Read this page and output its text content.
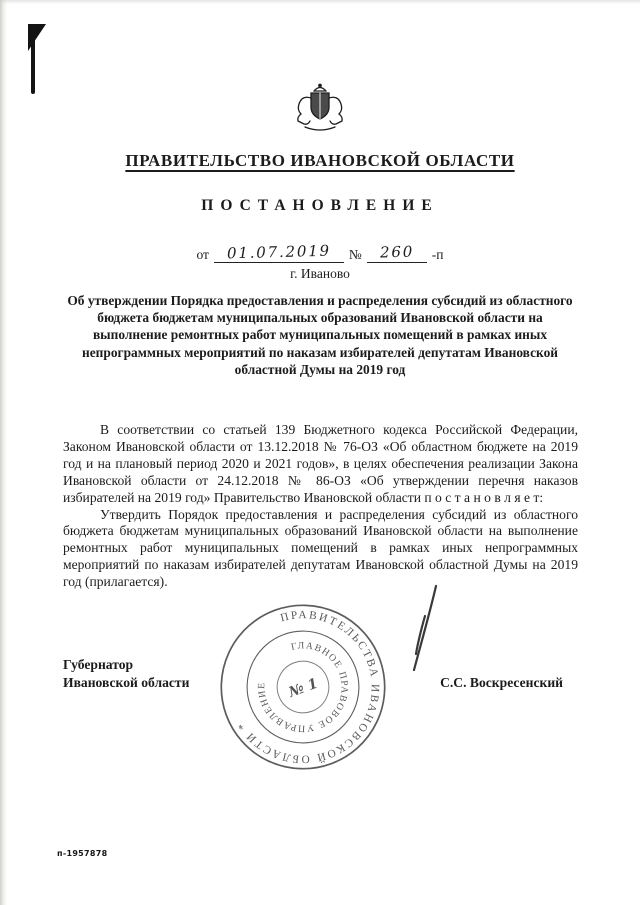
ПРАВИТЕЛЬСТВО ИВАНОВСКОЙ ОБЛАСТИ
ПОСТАНОВЛЕНИЕ
от 01.07.2019 № 260 -п
г. Иваново

Об утверждении Порядка предоставления и распределения субсидий из областного бюджета бюджетам муниципальных образований Ивановской области на выполнение ремонтных работ муниципальных помещений в рамках иных непрограммных мероприятий по наказам избирателей депутатам Ивановской областной Думы на 2019 год

В соответствии со статьей 139 Бюджетного кодекса Российской Федерации, Законом Ивановской области от 13.12.2018 № 76-ОЗ «Об областном бюджете на 2019 год и на плановый период 2020 и 2021 годов», в целях обеспечения реализации Закона Ивановской области от 24.12.2018 № 86-ОЗ «Об утверждении перечня наказов избирателей на 2019 год» Правительство Ивановской области п о с т а н о в л я е т:

Утвердить Порядок предоставления и распределения субсидий из областного бюджета бюджетам муниципальных образований Ивановской области на выполнение ремонтных работ муниципальных помещений в рамках иных непрограммных мероприятий по наказам избирателей депутатам Ивановской областной Думы на 2019 год (прилагается).

Губернатор
Ивановской области	С.С. Воскресенский
ПРАВИТЕЛЬСТВА ИВАНОВСКОЙ ОБЛАСТИ *
ГЛАВНОЕ ПРАВОВОЕ УПРАВЛЕНИЕ	№ 1
п-1957878
